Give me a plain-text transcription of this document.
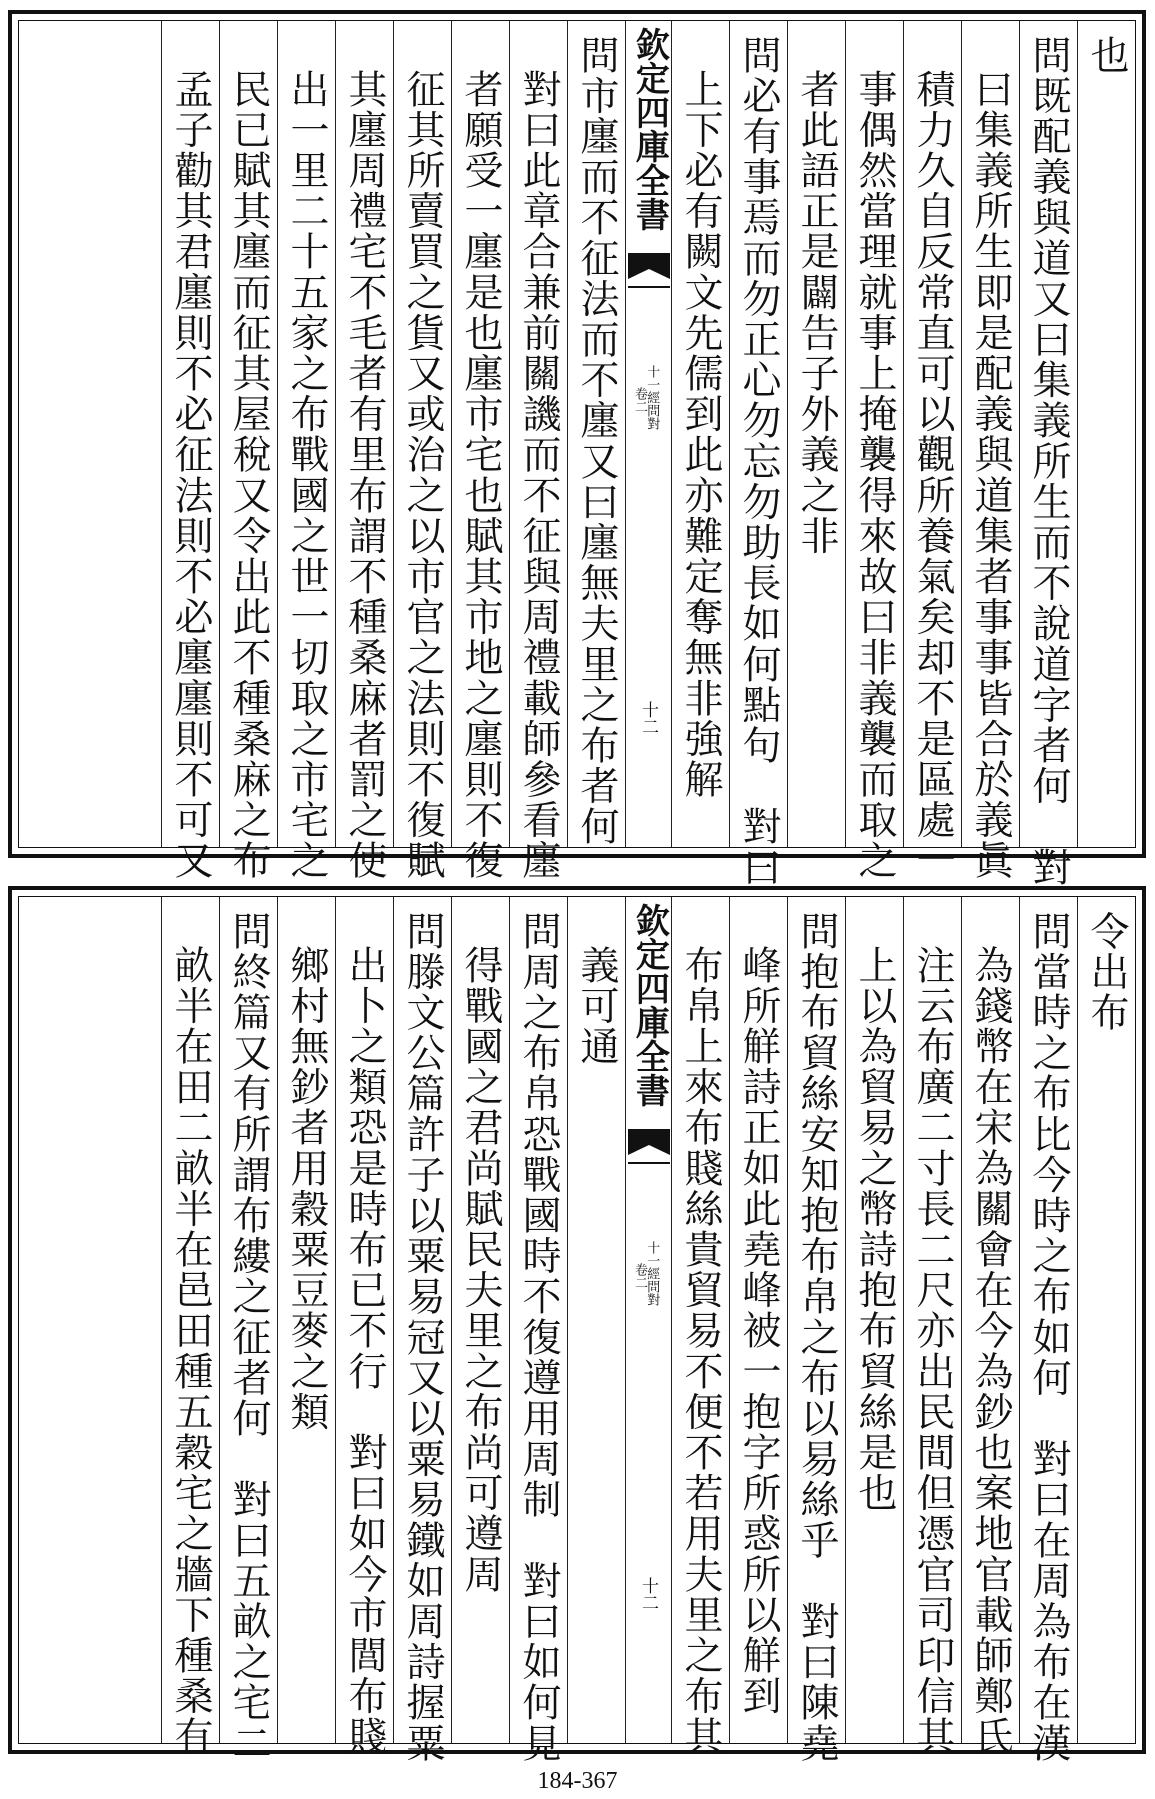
也
問既配義與道又曰集義所生而不說道字者何　對
曰集義所生即是配義與道集者事事皆合於義眞
積力久自反常直可以觀所養氣矣却不是區處一
事偶然當理就事上掩襲得來故曰非義襲而取之
者此語正是闢告子外義之非
問必有事焉而勿正心勿忘勿助長如何點句　對曰
上下必有闕文先儒到此亦難定奪無非強解
欽定四庫全書
十一經問對
卷二
十二
問市廛而不征法而不廛又曰廛無夫里之布者何
對曰此章合兼前關譏而不征與周禮載師參看廛
者願受一廛是也廛市宅也賦其市地之廛則不復
征其所賣買之貨又或治之以市官之法則不復賦
其廛周禮宅不毛者有里布謂不種桑麻者罰之使
出一里二十五家之布戰國之世一切取之市宅之
民已賦其廛而征其屋稅又令出此不種桑麻之布
孟子勸其君廛則不必征法則不必廛廛則不可又
令出布
問當時之布比今時之布如何　對曰在周為布在漢
為錢幣在宋為關會在今為鈔也案地官載師鄭氏
注云布廣二寸長二尺亦出民間但憑官司印信其
上以為貿易之幣詩抱布貿絲是也
問抱布貿絲安知抱布帛之布以易絲乎　對曰陳堯
峰所觧詩正如此堯峰被一抱字所惑所以觧到
布帛上來布賤絲貴貿易不便不若用夫里之布其
欽定四庫全書
十一經問對
卷二
十二
義可通
問周之布帛恐戰國時不復遵用周制　對曰如何見
得戰國之君尚賦民夫里之布尚可遵周
問滕文公篇許子以粟易冠又以粟易鐵如周詩握粟
出卜之類恐是時布已不行　對曰如今市閭布賤
鄉村無鈔者用穀粟豆麥之類
問終篇又有所謂布縷之征者何　對曰五畝之宅二
畝半在田二畝半在邑田種五穀宅之牆下種桑有
184-367
